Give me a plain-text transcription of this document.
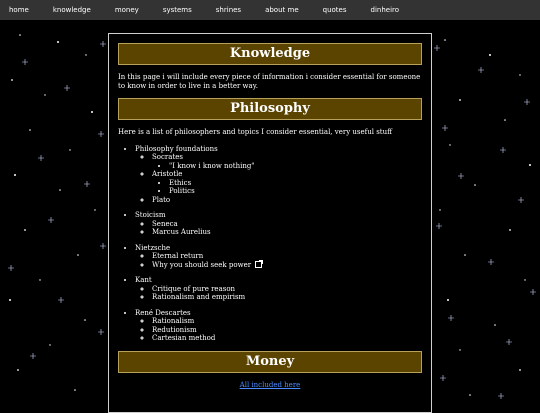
home	knowledge	money	systems	shrines	about me	quotes	dinheiro
Knowledge

In this page i will include every piece of information i consider essential for someone to know in order to live in a better way.

Philosophy

Here is a list of philosophers and topics I consider essential, very useful stuff

• Philosophy foundations
◦ Socrates
• "I know i know nothing"
◦ Aristotle
• Ethics
• Politics
◦ Plato
• Stoicism
◦ Seneca
◦ Marcus Aurelius
• Nietzsche
◦ Eternal return
◦ Why you should seek power
• Kant
◦ Critique of pure reason
◦ Rationalism and empirism
• René Descartes
◦ Rationalism
◦ Redutionism
◦ Cartesian method
Money
All included here
